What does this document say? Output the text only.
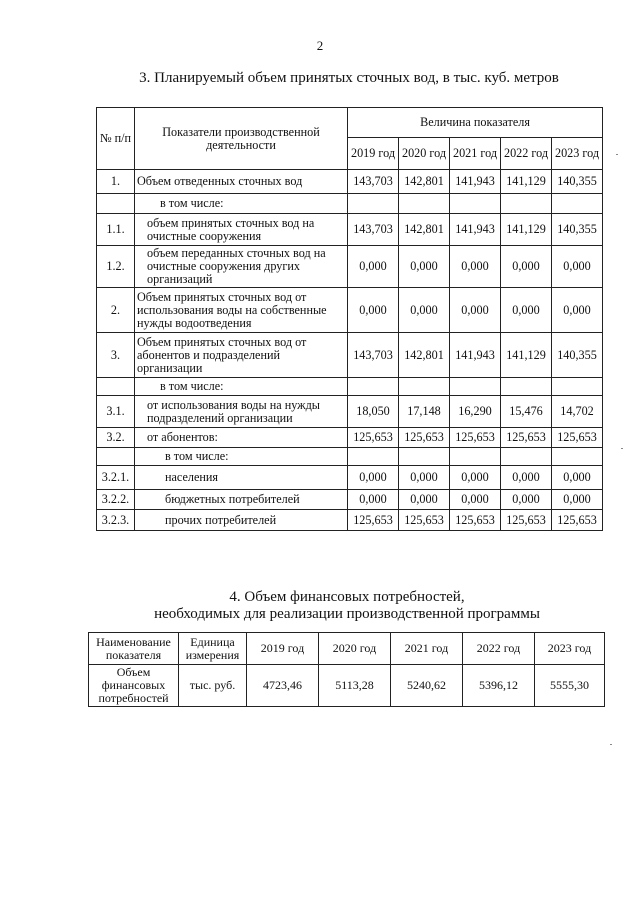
2
3. Планируемый объем принятых сточных вод, в тыс. куб. метров
№ п/п	Показатели производственной деятельности	Величина показателя				
		2019 год	2020 год	2021 год	2022 год	2023 год
1.	Объем отведенных сточных вод	143,703	142,801	141,943	141,129	140,355
	в том числе:					
1.1.	объем принятых сточных вод на очистные сооружения	143,703	142,801	141,943	141,129	140,355
1.2.	объем переданных сточных вод на очистные сооружения других организаций	0,000	0,000	0,000	0,000	0,000
2.	Объем принятых сточных вод от использования воды на собственные нужды водоотведения	0,000	0,000	0,000	0,000	0,000
3.	Объем принятых сточных вод от абонентов и подразделений организации	143,703	142,801	141,943	141,129	140,355
	в том числе:					
3.1.	от использования воды на нужды подразделений организации	18,050	17,148	16,290	15,476	14,702
3.2.	от абонентов:	125,653	125,653	125,653	125,653	125,653
	в том числе:					
3.2.1.	населения	0,000	0,000	0,000	0,000	0,000
3.2.2.	бюджетных потребителей	0,000	0,000	0,000	0,000	0,000
3.2.3.	прочих потребителей	125,653	125,653	125,653	125,653	125,653
4. Объем финансовых потребностей,
необходимых для реализации производственной программы
Наименование показателя	Единица измерения	2019 год	2020 год	2021 год	2022 год	2023 год
Объем финансовых потребностей	тыс. руб.	4723,46	5113,28	5240,62	5396,12	5555,30
